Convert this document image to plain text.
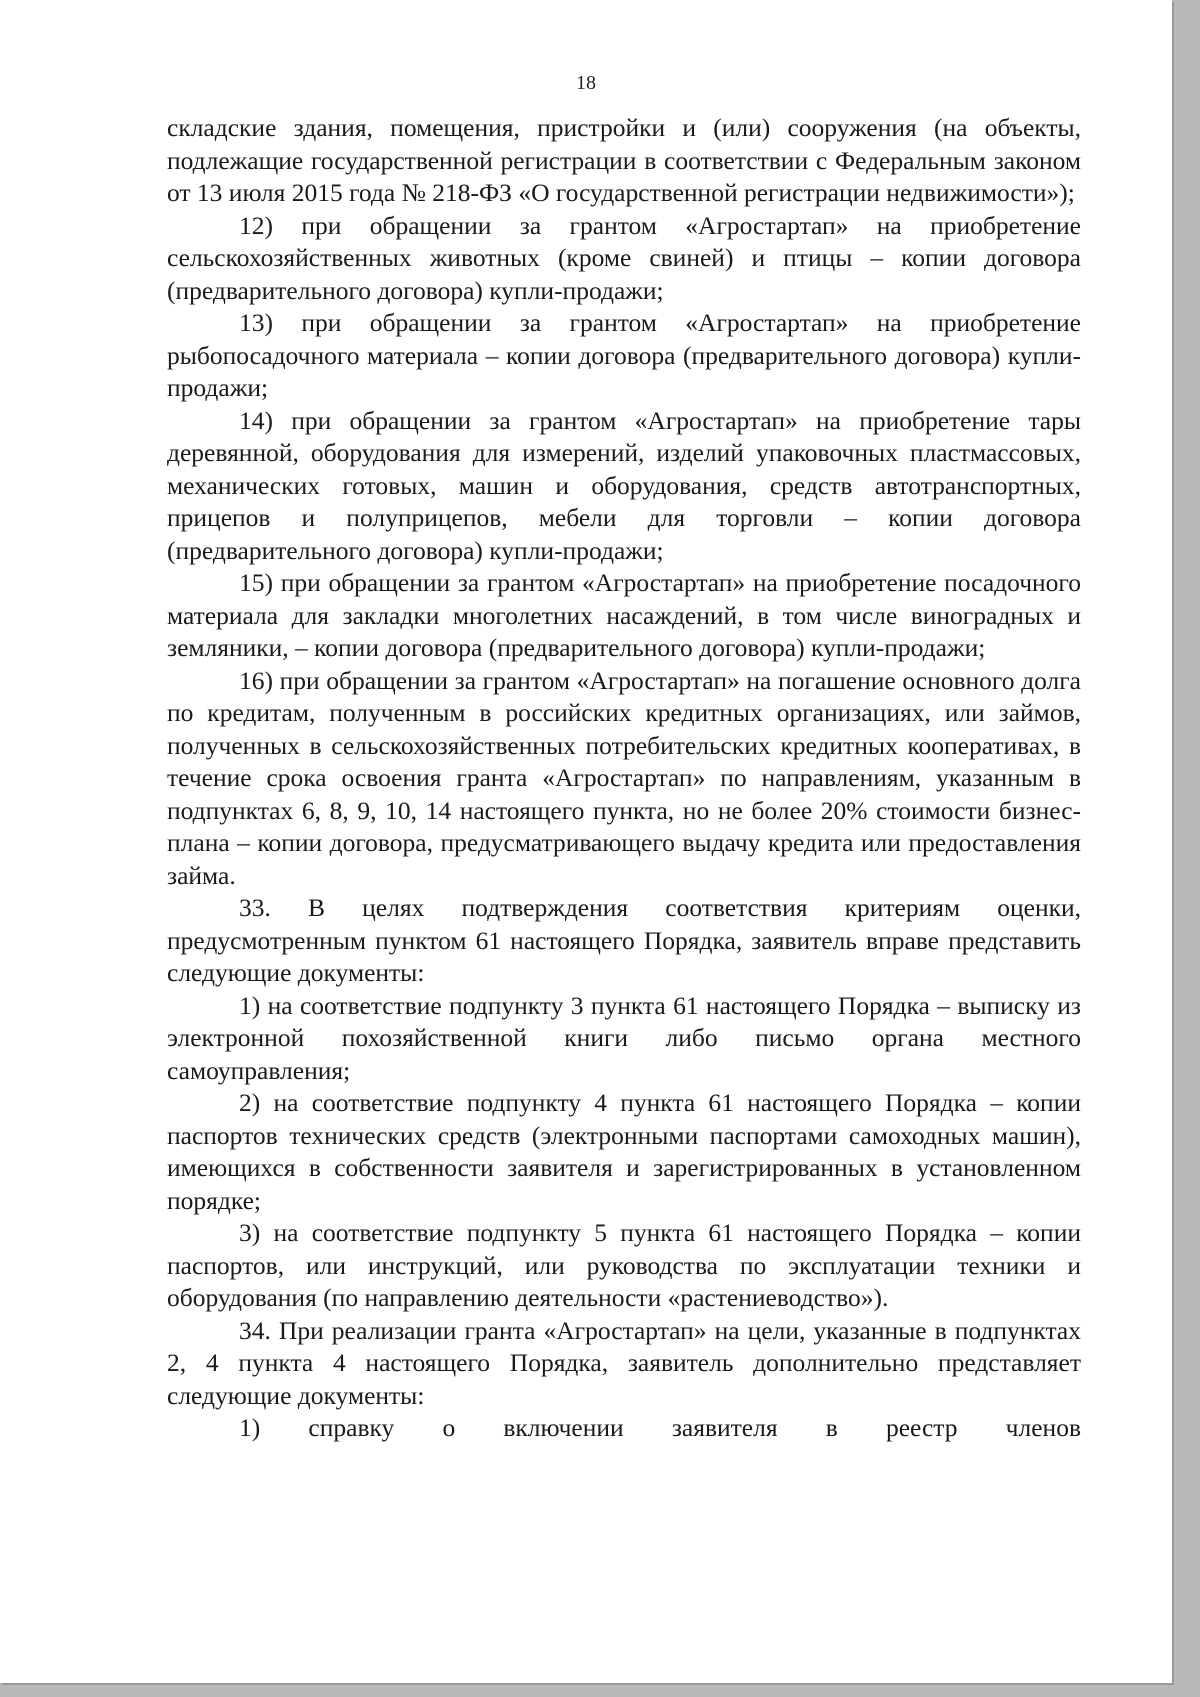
18

складские здания, помещения, пристройки и (или) сооружения (на объекты, подлежащие государственной регистрации в соответствии с Федеральным законом от 13 июля 2015 года № 218-ФЗ «О государственной регистрации недвижимости»);

12) при обращении за грантом «Агростартап» на приобретение сельскохозяйственных животных (кроме свиней) и птицы – копии договора (предварительного договора) купли-продажи;

13) при обращении за грантом «Агростартап» на приобретение рыбопосадочного материала – копии договора (предварительного договора) купли-продажи;

14) при обращении за грантом «Агростартап» на приобретение тары деревянной, оборудования для измерений, изделий упаковочных пластмассовых, механических готовых, машин и оборудования, средств автотранспортных, прицепов и полуприцепов, мебели для торговли – копии договора (предварительного договора) купли-продажи;

15) при обращении за грантом «Агростартап» на приобретение посадочного материала для закладки многолетних насаждений, в том числе виноградных и земляники, – копии договора (предварительного договора) купли-продажи;

16) при обращении за грантом «Агростартап» на погашение основного долга по кредитам, полученным в российских кредитных организациях, или займов, полученных в сельскохозяйственных потребительских кредитных кооперативах, в течение срока освоения гранта «Агростартап» по направлениям, указанным в подпунктах 6, 8, 9, 10, 14 настоящего пункта, но не более 20% стоимости бизнес-плана – копии договора, предусматривающего выдачу кредита или предоставления займа.

33. В целях подтверждения соответствия критериям оценки, предусмотренным пунктом 61 настоящего Порядка, заявитель вправе представить следующие документы:

1) на соответствие подпункту 3 пункта 61 настоящего Порядка – выписку из электронной похозяйственной книги либо письмо органа местного самоуправления;

2) на соответствие подпункту 4 пункта 61 настоящего Порядка – копии паспортов технических средств (электронными паспортами самоходных машин), имеющихся в собственности заявителя и зарегистрированных в установленном порядке;

3) на соответствие подпункту 5 пункта 61 настоящего Порядка – копии паспортов, или инструкций, или руководства по эксплуатации техники и оборудования (по направлению деятельности «растениеводство»).

34. При реализации гранта «Агростартап» на цели, указанные в подпунктах 2, 4 пункта 4 настоящего Порядка, заявитель дополнительно представляет следующие документы:

1) справку о включении заявителя в реестр членов
